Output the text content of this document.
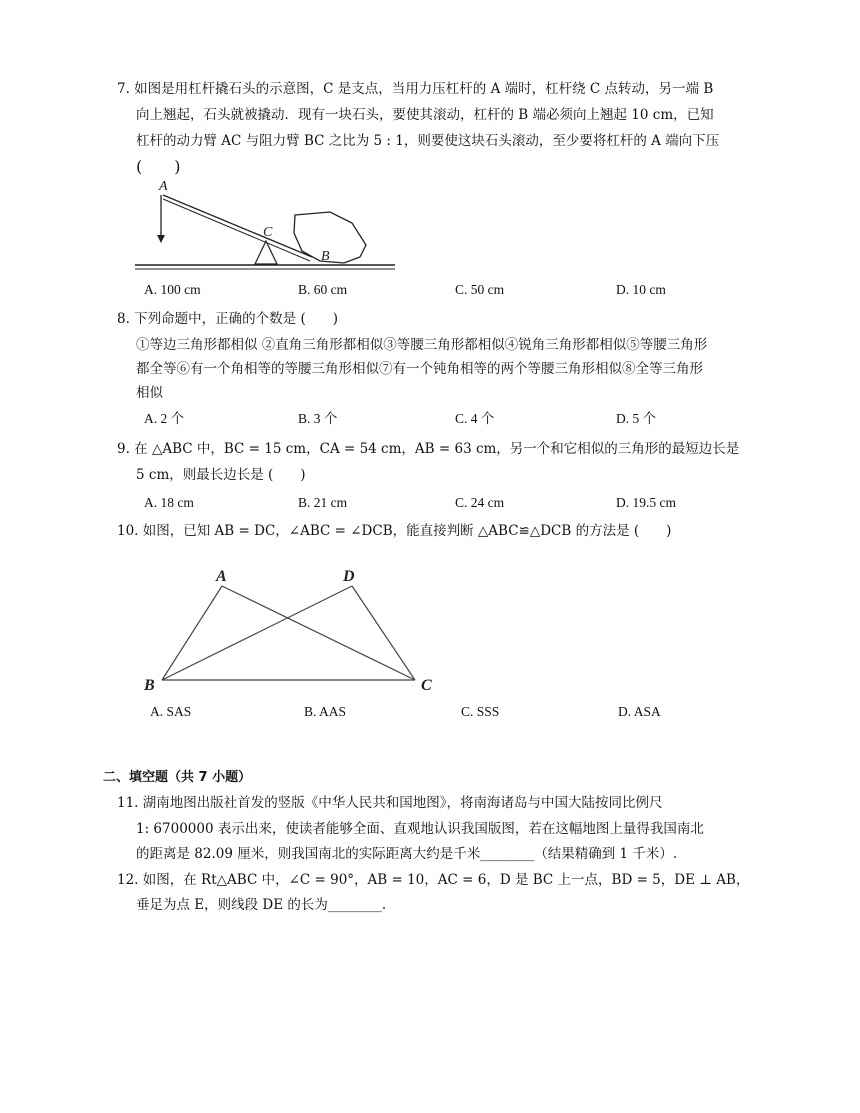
7. 如图是用杠杆撬石头的示意图，C 是支点，当用力压杠杆的 A 端时，杠杆绕 C 点转动，另一端 B
向上翘起，石头就被撬动．现有一块石头，要使其滚动，杠杆的 B 端必须向上翘起 10 cm，已知
杠杆的动力臂 AC 与阻力臂 BC 之比为 5 : 1，则要使这块石头滚动，至少要将杠杆的 A 端向下压
(　　)
A
C
B
A. 100 cm	B. 60 cm	C. 50 cm	D. 10 cm
8. 下列命题中，正确的个数是 (　　)
①等边三角形都相似 ②直角三角形都相似③等腰三角形都相似④锐角三角形都相似⑤等腰三角形
都全等⑥有一个角相等的等腰三角形相似⑦有一个钝角相等的两个等腰三角形相似⑧全等三角形
相似
A. 2 个	B. 3 个	C. 4 个	D. 5 个
9. 在 △ABC 中，BC = 15 cm，CA = 54 cm，AB = 63 cm，另一个和它相似的三角形的最短边长是
5 cm，则最长边长是 (　　)
A. 18 cm	B. 21 cm	C. 24 cm	D. 19.5 cm
10. 如图，已知 AB = DC，∠ABC = ∠DCB，能直接判断 △ABC≌△DCB 的方法是 (　　)
A	D
B	C
A. SAS	B. AAS	C. SSS	D. ASA
二、填空题（共 7 小题）
11. 湖南地图出版社首发的竖版《中华人民共和国地图》，将南海诸岛与中国大陆按同比例尺
1: 6700000 表示出来，使读者能够全面、直观地认识我国版图，若在这幅地图上量得我国南北
的距离是 82.09 厘米，则我国南北的实际距离大约是千米________（结果精确到 1 千米）.
12. 如图，在 Rt△ABC 中，∠C = 90°，AB = 10，AC = 6，D 是 BC 上一点，BD = 5，DE ⊥ AB，
垂足为点 E，则线段 DE 的长为________.
